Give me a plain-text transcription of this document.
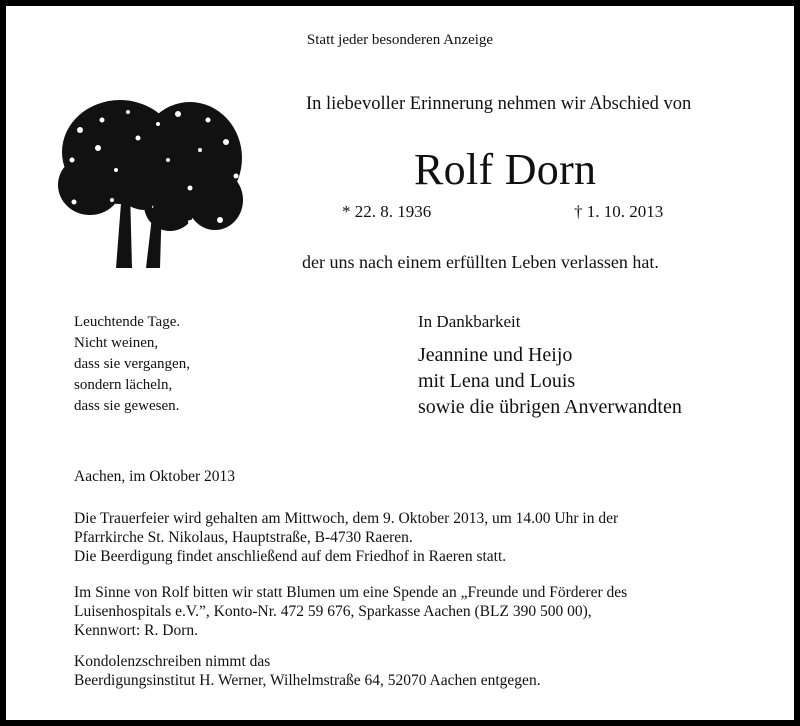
Statt jeder besonderen Anzeige
In liebevoller Erinnerung nehmen wir Abschied von
Rolf Dorn
* 22. 8. 1936	† 1. 10. 2013
der uns nach einem erfüllten Leben verlassen hat.
Leuchtende Tage.
Nicht weinen,
dass sie vergangen,
sondern lächeln,
dass sie gewesen.
In Dankbarkeit
Jeannine und Heijo
mit Lena und Louis
sowie die übrigen Anverwandten
Aachen, im Oktober 2013
Die Trauerfeier wird gehalten am Mittwoch, dem 9. Oktober 2013, um 14.00 Uhr in der
Pfarrkirche St. Nikolaus, Hauptstraße, B-4730 Raeren.
Die Beerdigung findet anschließend auf dem Friedhof in Raeren statt.
Im Sinne von Rolf bitten wir statt Blumen um eine Spende an „Freunde und Förderer des
Luisenhospitals e.V.”, Konto-Nr. 472 59 676, Sparkasse Aachen (BLZ 390 500 00),
Kennwort: R. Dorn.
Kondolenzschreiben nimmt das
Beerdigungsinstitut H. Werner, Wilhelmstraße 64, 52070 Aachen entgegen.
